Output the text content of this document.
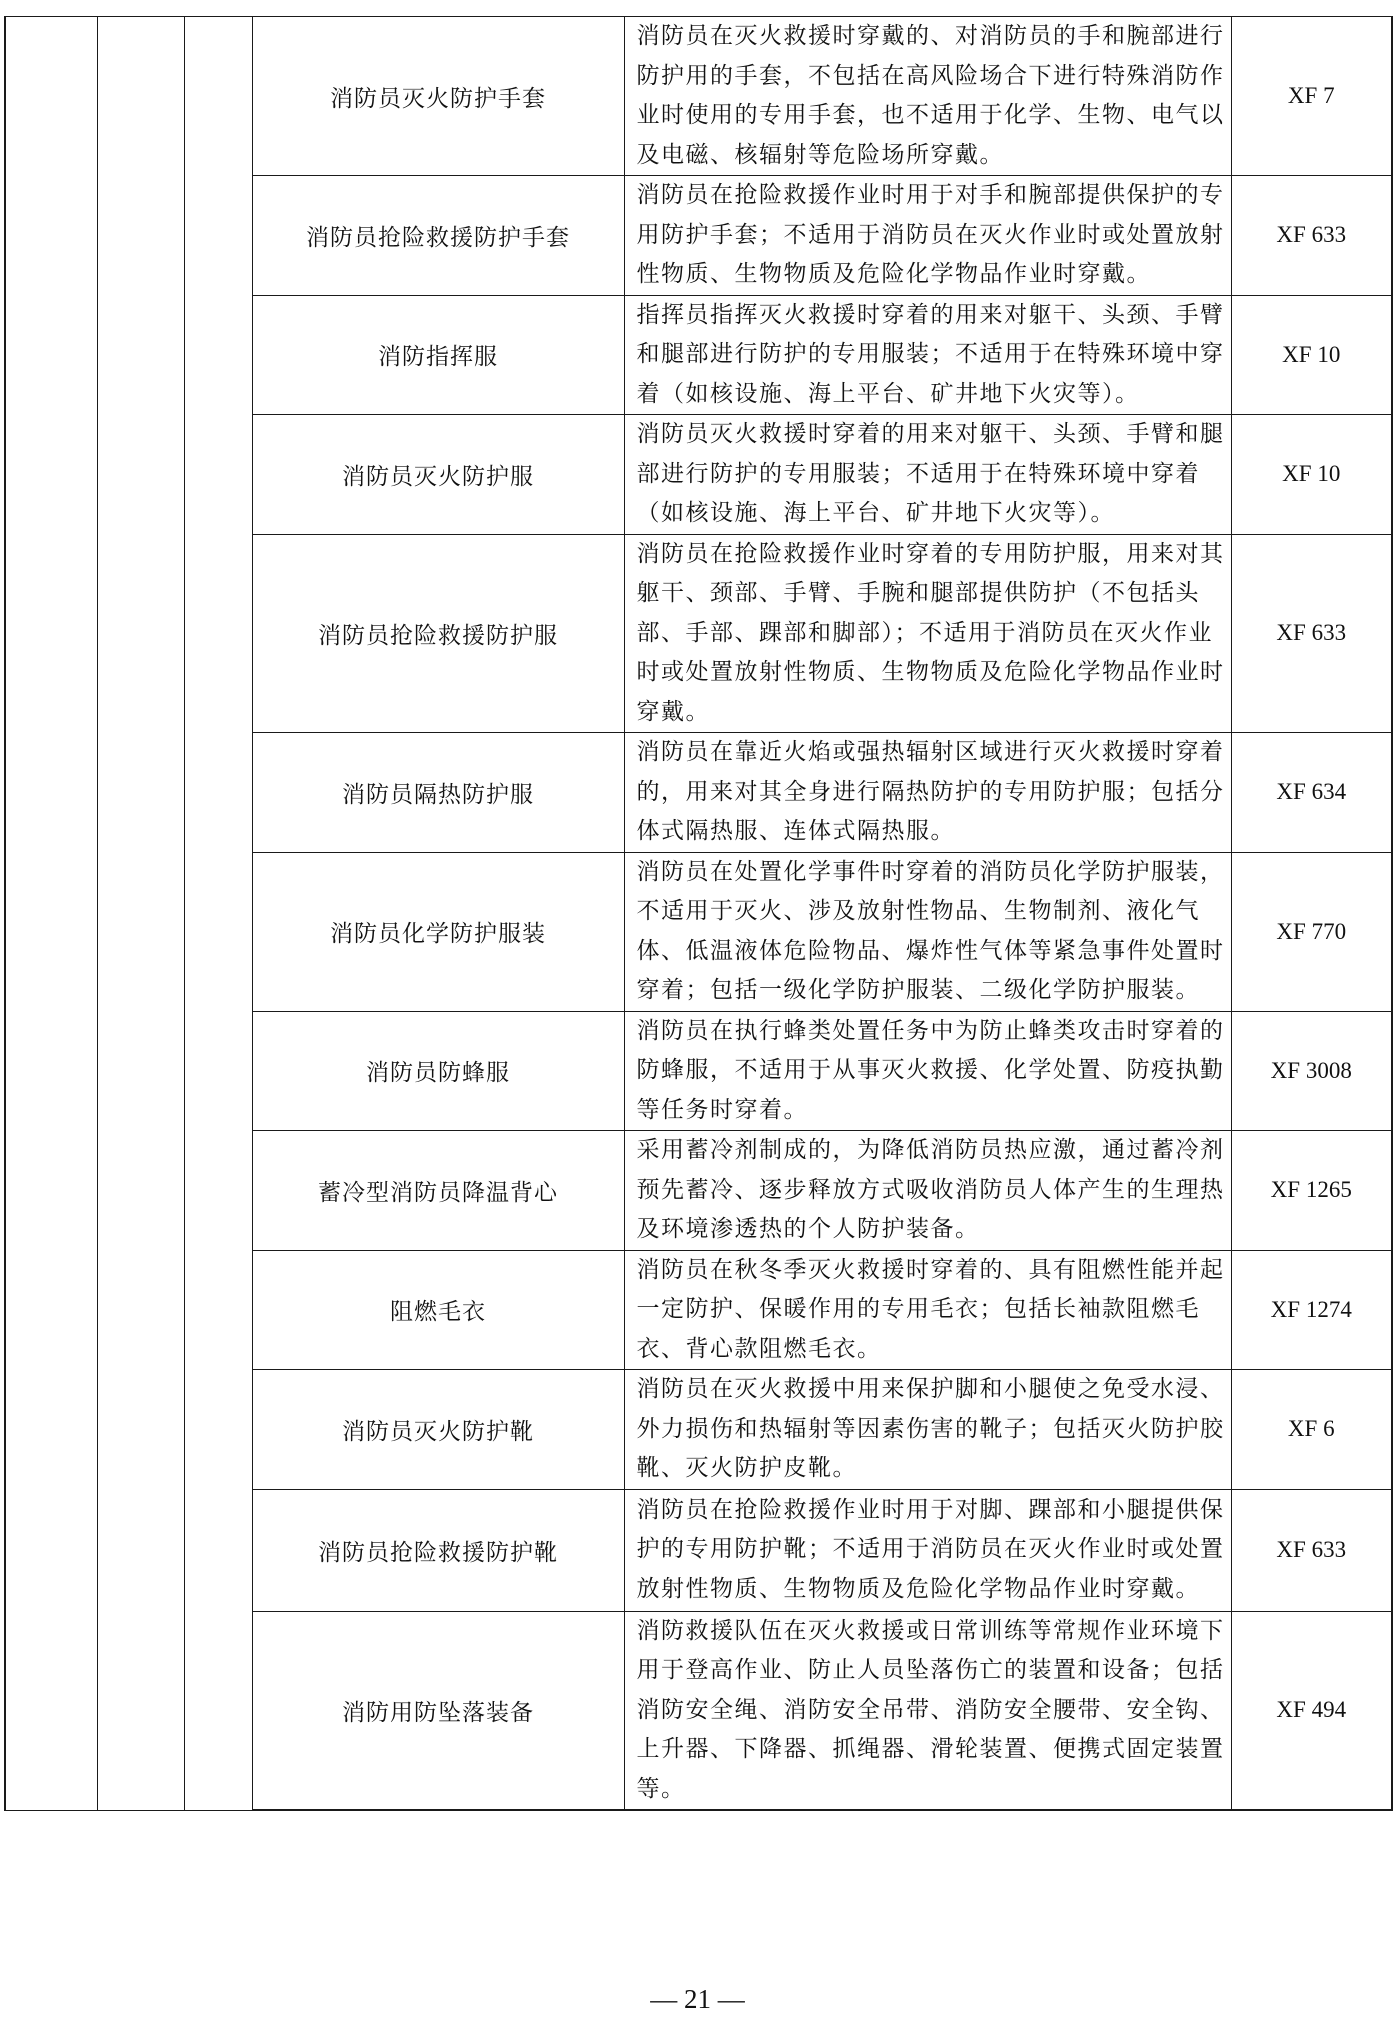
			消防员灭火防护手套	消防员在灭火救援时穿戴的、对消防员的手和腕部进行防护用的手套，不包括在高风险场合下进行特殊消防作业时使用的专用手套，也不适用于化学、生物、电气以及电磁、核辐射等危险场所穿戴。	XF 7
			消防员抢险救援防护手套	消防员在抢险救援作业时用于对手和腕部提供保护的专用防护手套；不适用于消防员在灭火作业时或处置放射性物质、生物物质及危险化学物品作业时穿戴。	XF 633
			消防指挥服	指挥员指挥灭火救援时穿着的用来对躯干、头颈、手臂和腿部进行防护的专用服装；不适用于在特殊环境中穿着（如核设施、海上平台、矿井地下火灾等）。	XF 10
			消防员灭火防护服	消防员灭火救援时穿着的用来对躯干、头颈、手臂和腿部进行防护的专用服装；不适用于在特殊环境中穿着（如核设施、海上平台、矿井地下火灾等）。	XF 10
			消防员抢险救援防护服	消防员在抢险救援作业时穿着的专用防护服，用来对其躯干、颈部、手臂、手腕和腿部提供防护（不包括头部、手部、踝部和脚部）；不适用于消防员在灭火作业时或处置放射性物质、生物物质及危险化学物品作业时穿戴。	XF 633
			消防员隔热防护服	消防员在靠近火焰或强热辐射区域进行灭火救援时穿着的，用来对其全身进行隔热防护的专用防护服；包括分体式隔热服、连体式隔热服。	XF 634
			消防员化学防护服装	消防员在处置化学事件时穿着的消防员化学防护服装，不适用于灭火、涉及放射性物品、生物制剂、液化气体、低温液体危险物品、爆炸性气体等紧急事件处置时穿着；包括一级化学防护服装、二级化学防护服装。	XF 770
			消防员防蜂服	消防员在执行蜂类处置任务中为防止蜂类攻击时穿着的防蜂服，不适用于从事灭火救援、化学处置、防疫执勤等任务时穿着。	XF 3008
			蓄冷型消防员降温背心	采用蓄冷剂制成的，为降低消防员热应激，通过蓄冷剂预先蓄冷、逐步释放方式吸收消防员人体产生的生理热及环境渗透热的个人防护装备。	XF 1265
			阻燃毛衣	消防员在秋冬季灭火救援时穿着的、具有阻燃性能并起一定防护、保暖作用的专用毛衣；包括长袖款阻燃毛衣、背心款阻燃毛衣。	XF 1274
			消防员灭火防护靴	消防员在灭火救援中用来保护脚和小腿使之免受水浸、外力损伤和热辐射等因素伤害的靴子；包括灭火防护胶靴、灭火防护皮靴。	XF 6
			消防员抢险救援防护靴	消防员在抢险救援作业时用于对脚、踝部和小腿提供保护的专用防护靴；不适用于消防员在灭火作业时或处置放射性物质、生物物质及危险化学物品作业时穿戴。	XF 633
			消防用防坠落装备	消防救援队伍在灭火救援或日常训练等常规作业环境下用于登高作业、防止人员坠落伤亡的装置和设备；包括消防安全绳、消防安全吊带、消防安全腰带、安全钩、上升器、下降器、抓绳器、滑轮装置、便携式固定装置等。	XF 494
— 21 —
